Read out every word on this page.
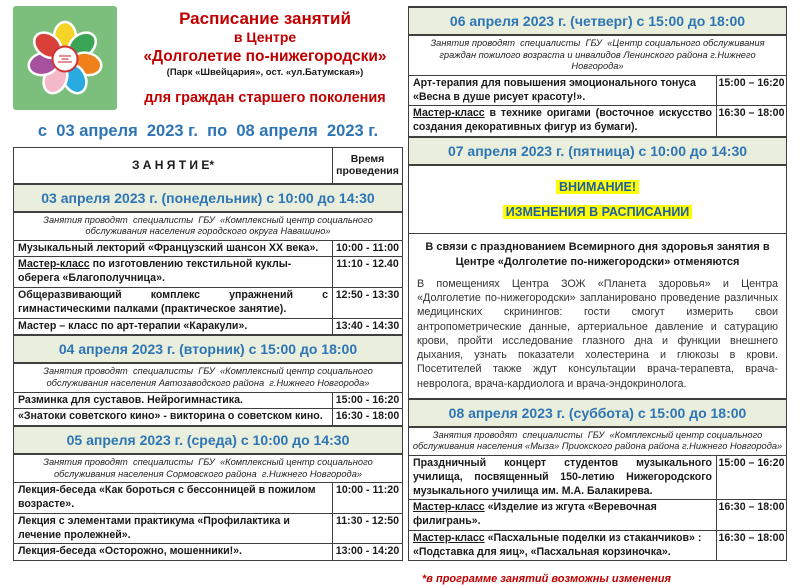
Расписание занятий
в Центре
«Долголетие по-нижегородски»
(Парк «Швейцария», ост. «ул.Батумская»)
для граждан старшего поколения
с  03 апреля  2023 г.  по  08 апреля  2023 г.
З А Н Я Т И Е*	Время проведения
03 апреля 2023 г. (понедельник) с 10:00 до 14:30	
Занятия проводят  специалисты  ГБУ  «Комплексный центр социального обслуживания населения городского округа Навашино»	
Музыкальный лекторий «Французский шансон ХХ века».	10:00 - 11:00
Мастер-класс по изготовлению текстильной куклы-оберега «Благополучница».	11:10 - 12.40
Общеразвивающий комплекс упражнений с гимнастическими палками (практическое занятие).	12:50 - 13:30
Мастер – класс по арт-терапии «Каракули».	13:40 - 14:30
04 апреля 2023 г. (вторник) с 15:00 до 18:00	
Занятия проводят  специалисты  ГБУ  «Комплексный центр социального обслуживания населения Автозаводского района  г.Нижнего Новгорода»	
Разминка для суставов. Нейрогимнастика.	15:00 - 16:20
«Знатоки советского кино» - викторина о советском кино.	16:30 - 18:00
05 апреля 2023 г. (среда) с 10:00 до 14:30	
Занятия проводят  специалисты  ГБУ  «Комплексный центр социального обслуживания населения Сормовского района  г.Нижнего Новгорода»	
Лекция-беседа «Как бороться с бессонницей в пожилом возрасте».	10:00 - 11:20
Лекция с элементами практикума «Профилактика и лечение пролежней».	11:30 - 12:50
Лекция-беседа «Осторожно, мошенники!».	13:00 - 14:20
06 апреля 2023 г. (четверг) с 15:00 до 18:00	
Занятия проводят  специалисты  ГБУ  «Центр социального обслуживания граждан пожилого возраста и инвалидов Ленинского района г.Нижнего Новгорода»	
Арт-терапия для повышения эмоционального тонуса «Весна в душе рисует красоту!».	15:00 – 16:20
Мастер-класс в технике оригами (восточное искусство создания декоративных фигур из бумаги).	16:30 – 18:00
07 апреля 2023 г. (пятница) с 10:00 до 14:30	
ВНИМАНИЕ!
ИЗМЕНЕНИЯ В РАСПИСАНИИ	

В связи с празднованием Всемирного дня здоровья занятия в Центре «Долголетие по-нижегородски» отменяются
В помещениях Центра ЗОЖ «Планета здоровья» и Центра «Долголетие по-нижегородски» запланировано проведение различных медицинских скринингов: гости смогут измерить свои антропометрические данные, артериальное давление и сатурацию крови, пройти исследование глазного дна и функции внешнего дыхания, узнать показатели холестерина и глюкозы в крови. Посетителей также ждут консультации врача-терапевта, врача-невролога, врача-кардиолога и врача-эндокринолога.	

08 апреля 2023 г. (суббота) с 15:00 до 18:00	
Занятия проводят  специалисты  ГБУ  «Комплексный центр социального обслуживания населения «Мыза» Приокского района района г.Нижнего Новгорода»	
Праздничный концерт студентов музыкального училища, посвященный 150-летию Нижегородского музыкального училища им. М.А. Балакирева.	15:00 – 16:20
Мастер-класс «Изделие из жгута «Веревочная филигрань».	16:30 – 18:00
Мастер-класс «Пасхальные поделки из стаканчиков» : «Подставка для яиц», «Пасхальная корзиночка».	16:30 – 18:00
*в программе занятий возможны изменения
